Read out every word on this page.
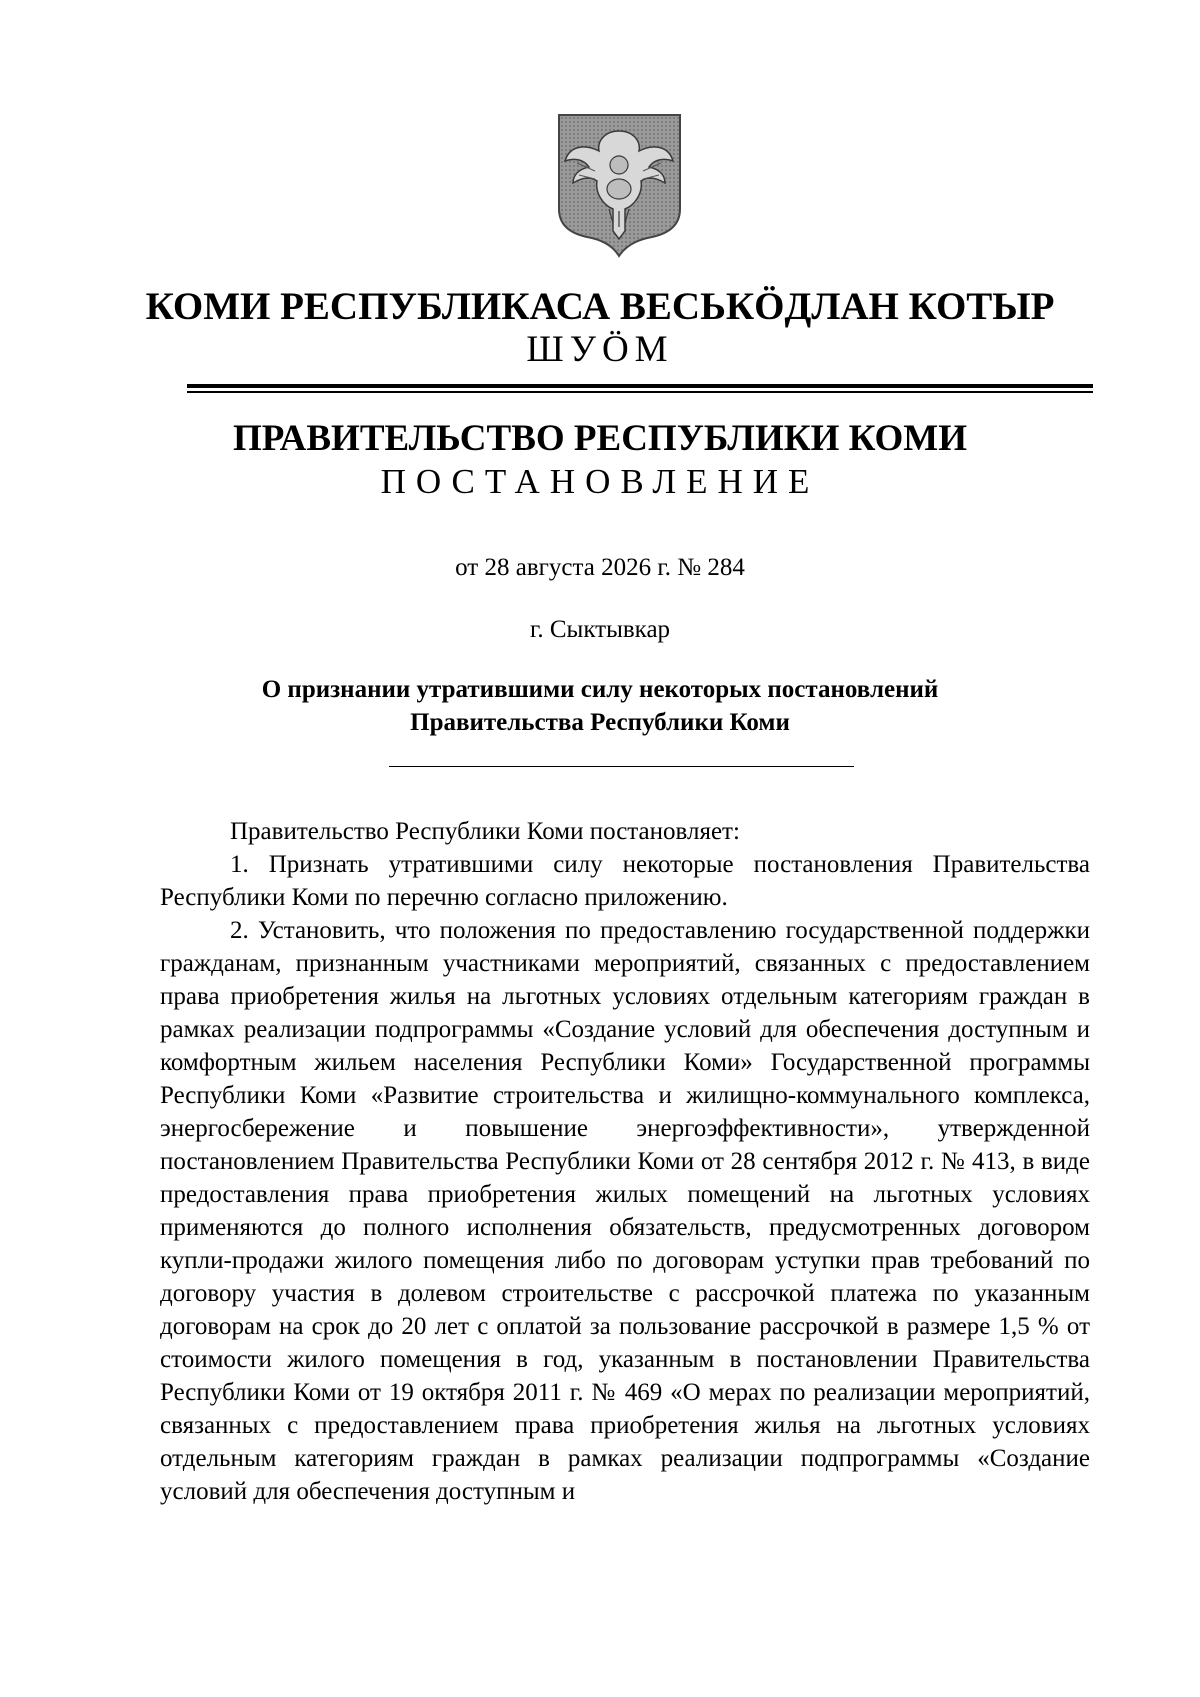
КОМИ РЕСПУБЛИКАСА ВЕСЬКӦДЛАН КОТЫР
ШУӦМ
ПРАВИТЕЛЬСТВО РЕСПУБЛИКИ КОМИ
ПОСТАНОВЛЕНИЕ
от 28 августа 2026 г. № 284
г. Сыктывкар
О признании утратившими силу некоторых постановлений
Правительства Республики Коми

Правительство Республики Коми постановляет:

1. Признать утратившими силу некоторые постановления Правительства Республики Коми по перечню согласно приложению.

2. Установить, что положения по предоставлению государственной поддержки гражданам, признанным участниками мероприятий, связанных с предоставлением права приобретения жилья на льготных условиях отдельным категориям граждан в рамках реализации подпрограммы «Создание условий для обеспечения доступным и комфортным жильем населения Республики Коми» Государственной программы Республики Коми «Развитие строительства и жилищно-коммунального комплекса, энергосбережение и повышение энергоэффективности», утвержденной постановлением Правительства Республики Коми от 28 сентября 2012 г. № 413, в виде предоставления права приобретения жилых помещений на льготных условиях применяются до полного исполнения обязательств, предусмотренных договором купли-продажи жилого помещения либо по договорам уступки прав требований по договору участия в долевом строительстве с рассрочкой платежа по указанным договорам на срок до 20 лет с оплатой за пользование рассрочкой в размере 1,5 % от стоимости жилого помещения в год, указанным в постановлении Правительства Республики Коми от 19 октября 2011 г. № 469 «О мерах по реализации мероприятий, связанных с предоставлением права приобретения жилья на льготных условиях отдельным категориям граждан в рамках реализации подпрограммы «Создание условий для обеспечения доступным и
